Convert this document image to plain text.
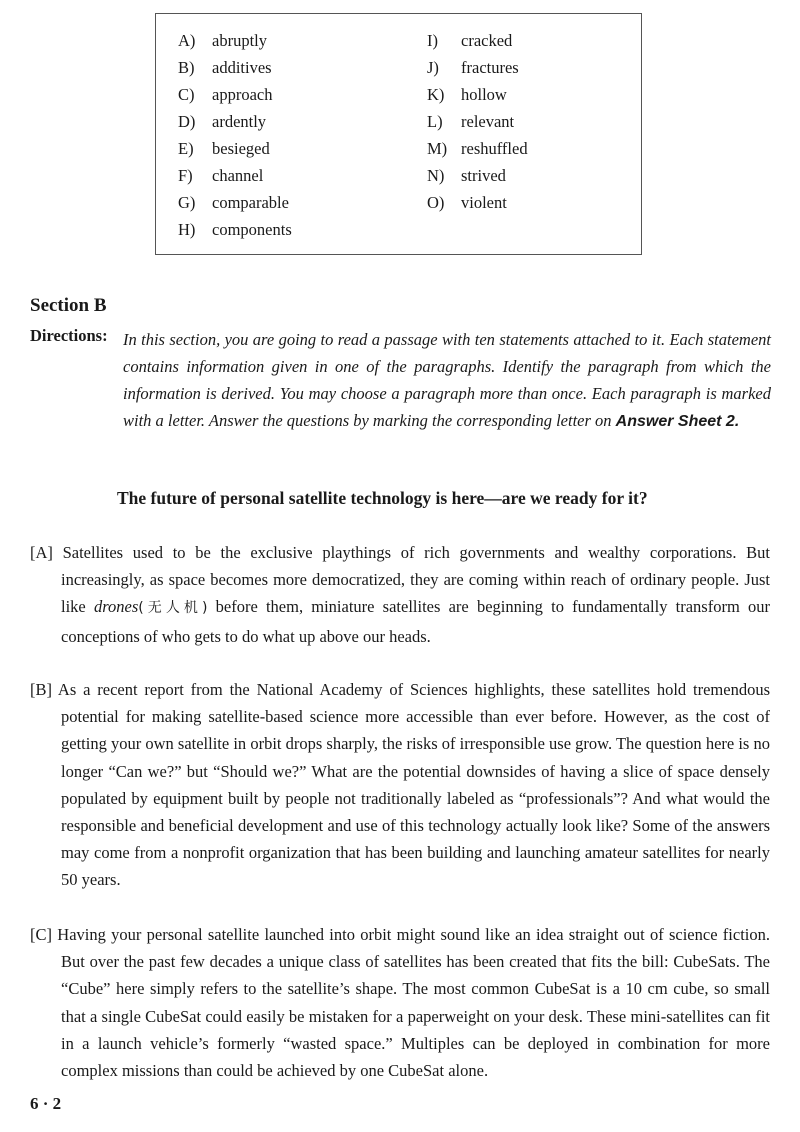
A) abruptly
B) additives
C) approach
D) ardently
E) besieged
F) channel
G) comparable
H) components
I) cracked
J) fractures
K) hollow
L) relevant
M) reshuffled
N) strived
O) violent
Section B
Directions: In this section, you are going to read a passage with ten statements attached to it. Each statement contains information given in one of the paragraphs. Identify the paragraph from which the information is derived. You may choose a paragraph more than once. Each paragraph is marked with a letter. Answer the questions by marking the corresponding letter on Answer Sheet 2.
The future of personal satellite technology is here—are we ready for it?

[A] Satellites used to be the exclusive playthings of rich governments and wealthy corporations. But increasingly, as space becomes more democratized, they are coming within reach of ordinary people. Just like drones(无人机) before them, miniature satellites are beginning to fundamentally transform our conceptions of who gets to do what up above our heads.

[B] As a recent report from the National Academy of Sciences highlights, these satellites hold tremendous potential for making satellite-based science more accessible than ever before. However, as the cost of getting your own satellite in orbit drops sharply, the risks of irresponsible use grow. The question here is no longer “Can we?” but “Should we?” What are the potential downsides of having a slice of space densely populated by equipment built by people not traditionally labeled as “professionals”? And what would the responsible and beneficial development and use of this technology actually look like? Some of the answers may come from a nonprofit organization that has been building and launching amateur satellites for nearly 50 years.

[C] Having your personal satellite launched into orbit might sound like an idea straight out of science fiction. But over the past few decades a unique class of satellites has been created that fits the bill: CubeSats. The “Cube” here simply refers to the satellite’s shape. The most common CubeSat is a 10 cm cube, so small that a single CubeSat could easily be mistaken for a paperweight on your desk. These mini-satellites can fit in a launch vehicle’s formerly “wasted space.” Multiples can be deployed in combination for more complex missions than could be achieved by one CubeSat alone.

6 · 2
